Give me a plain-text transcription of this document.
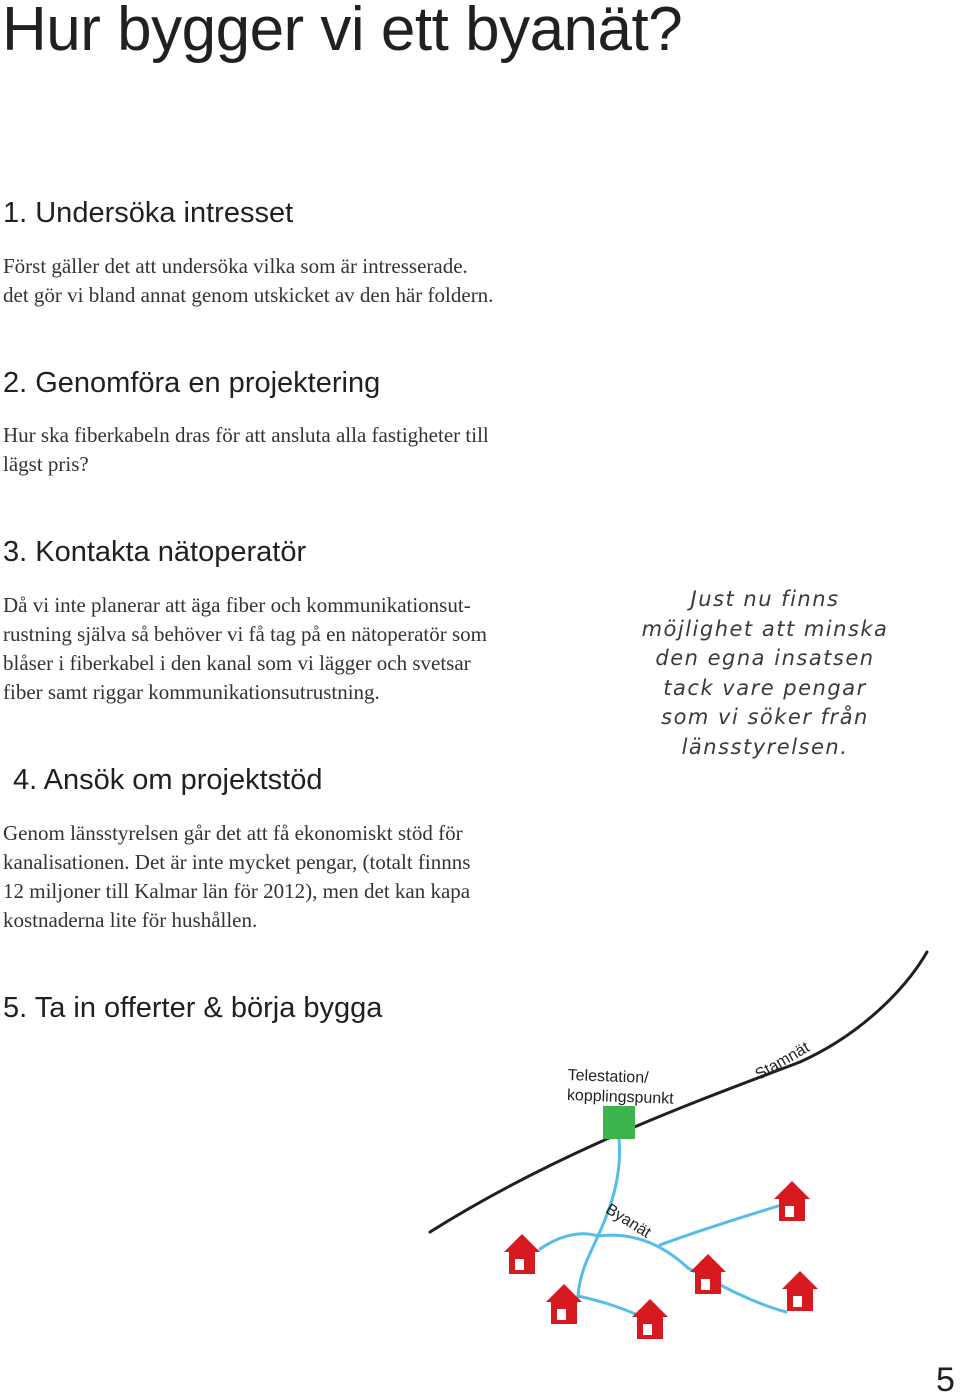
Hur bygger vi ett byanät?
1. Undersöka intresset
Först gäller det att undersöka vilka som är intresserade.
det gör vi bland annat genom utskicket av den här foldern.
2. Genomföra en projektering
Hur ska fiberkabeln dras för att ansluta alla fastigheter till
lägst pris?
3. Kontakta nätoperatör
Då vi inte planerar att äga fiber och kommunikationsut-
rustning själva så behöver vi få tag på en nätoperatör som
blåser i fiberkabel i den kanal som vi lägger och svetsar
fiber samt riggar kommunikationsutrustning.
Just nu finns
möjlighet att minska
den egna insatsen
tack vare pengar
som vi söker från
länsstyrelsen.
4. Ansök om projektstöd
Genom länsstyrelsen går det att få ekonomiskt stöd för
kanalisationen. Det är inte mycket pengar, (totalt finnns
12 miljoner till Kalmar län för 2012), men det kan kapa
kostnaderna lite för hushållen.
5. Ta in offerter & börja bygga
Telestation/
kopplingspunkt
Stamnät
Byanät
5
